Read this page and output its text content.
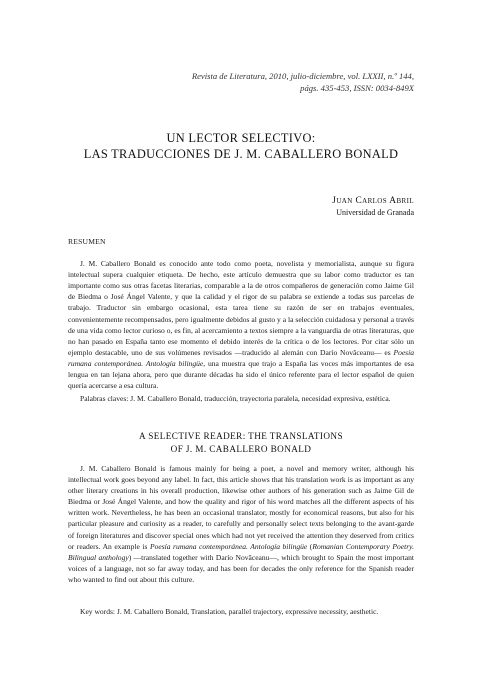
Revista de Literatura, 2010, julio-diciembre, vol. LXXII, n.º 144,
págs. 435-453, ISSN: 0034-849X
UN LECTOR SELECTIVO:
LAS TRADUCCIONES DE J. M. CABALLERO BONALD
Juan Carlos Abril
Universidad de Granada
RESUMEN

J. M. Caballero Bonald es conocido ante todo como poeta, novelista y memorialista, aunque su figura intelectual supera cualquier etiqueta. De hecho, este artículo demuestra que su labor como traductor es tan importante como sus otras facetas literarias, comparable a la de otros compañeros de generación como Jaime Gil de Biedma o José Ángel Valente, y que la calidad y el rigor de su palabra se extiende a todas sus parcelas de trabajo. Traductor sin embargo ocasional, esta tarea tiene su razón de ser en trabajos eventuales, convenientemente recompensados, pero igualmente debidos al gusto y a la selección cuidadosa y personal a través de una vida como lector curioso o, es fin, al acercamiento a textos siempre a la vanguardia de otras literaturas, que no han pasado en España tanto ese momento el debido interés de la crítica o de los lectores. Por citar sólo un ejemplo destacable, uno de sus volúmenes revisados —traducido al alemán con Darío Novăceanu— es Poesía rumana contemporánea. Antología bilingüe, una muestra que trajo a España las voces más importantes de esa lengua en tan lejana ahora, pero que durante décadas ha sido el único referente para el lector español de quien quería acercarse a esa cultura.

Palabras claves: J. M. Caballero Bonald, traducción, trayectoria paralela, necesidad expresiva, estética.

A SELECTIVE READER: THE TRANSLATIONS
OF J. M. CABALLERO BONALD

J. M. Caballero Bonald is famous mainly for being a poet, a novel and memory writer, although his intellectual work goes beyond any label. In fact, this article shows that his translation work is as important as any other literary creations in his overall production, likewise other authors of his generation such as Jaime Gil de Biedma or José Ángel Valente, and how the quality and rigor of his word matches all the different aspects of his written work. Nevertheless, he has been an occasional translator, mostly for economical reasons, but also for his particular pleasure and curiosity as a reader, to carefully and personally select texts belonging to the avant-garde of foreign literatures and discover special ones which had not yet received the attention they deserved from critics or readers. An example is Poesía rumana contemporánea. Antología bilingüe (Romanian Contemporary Poetry. Bilingual anthology) —translated together with Darío Novăceanu—, which brought to Spain the most important voices of a language, not so far away today, and has been for decades the only reference for the Spanish reader who wanted to find out about this culture.

Key words: J. M. Caballero Bonald, Translation, parallel trajectory, expressive necessity, aesthetic.
